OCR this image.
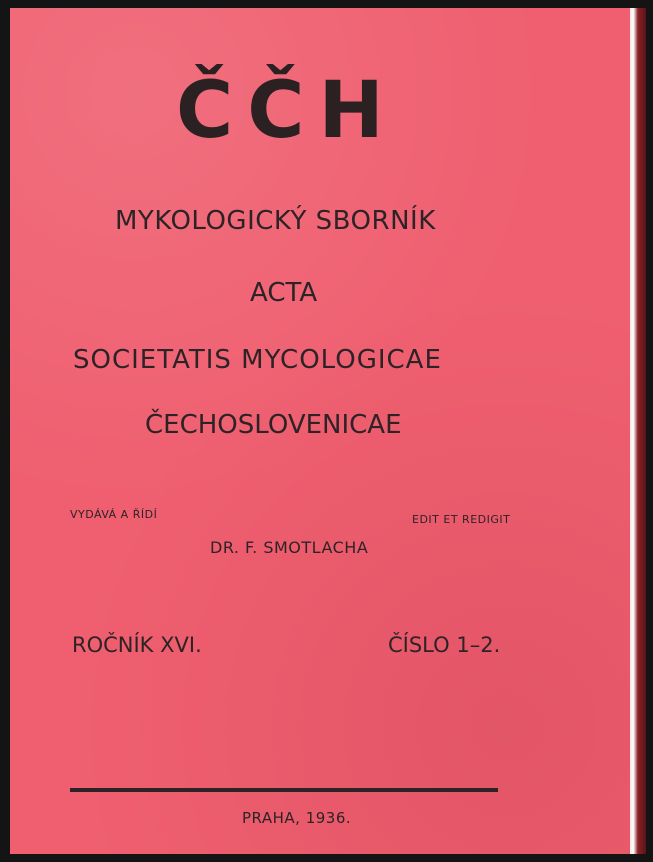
ČČH

MYKOLOGICKÝ SBORNÍK

ACTA

SOCIETATIS MYCOLOGICAE

ČECHOSLOVENICAE

VYDÁVÁ A ŘÍDÍ	EDIT ET REDIGIT

DR. F. SMOTLACHA

ROČNÍK XVI.	ČÍSLO 1–2.

PRAHA, 1936.
